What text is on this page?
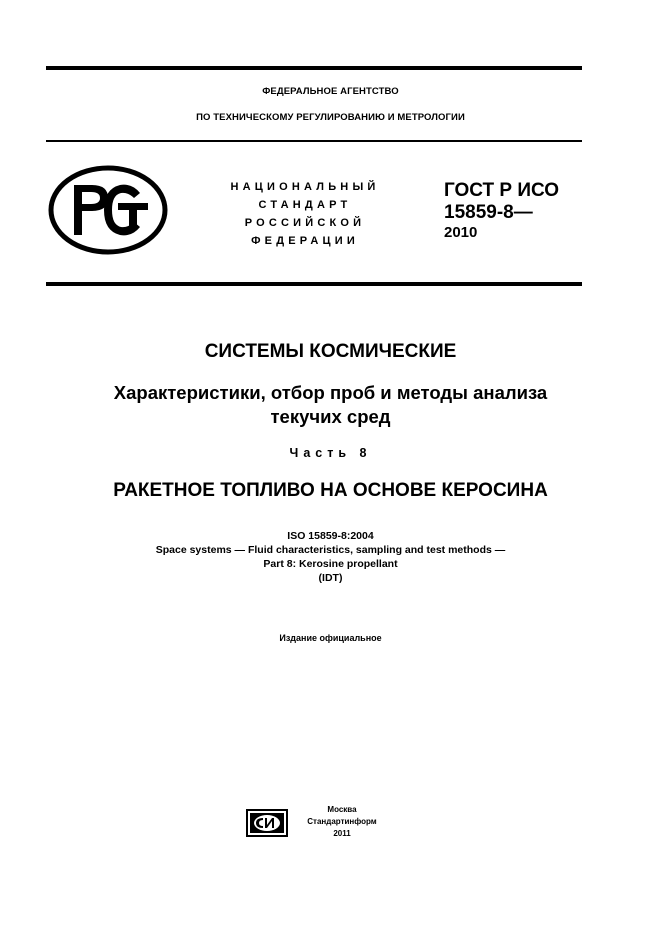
ФЕДЕРАЛЬНОЕ АГЕНТСТВО
ПО ТЕХНИЧЕСКОМУ РЕГУЛИРОВАНИЮ И МЕТРОЛОГИИ
НАЦИОНАЛЬНЫЙ
СТАНДАРТ
РОССИЙСКОЙ
ФЕДЕРАЦИИ
ГОСТ Р ИСО
15859-8—
2010
СИСТЕМЫ КОСМИЧЕСКИЕ
Характеристики, отбор проб и методы анализа
текучих сред
Часть 8
РАКЕТНОЕ ТОПЛИВО НА ОСНОВЕ КЕРОСИНА
ISO 15859-8:2004
Space systems — Fluid characteristics, sampling and test methods —
Part 8: Kerosine propellant
(IDT)
Издание официальное
Москва
Стандартинформ
2011
